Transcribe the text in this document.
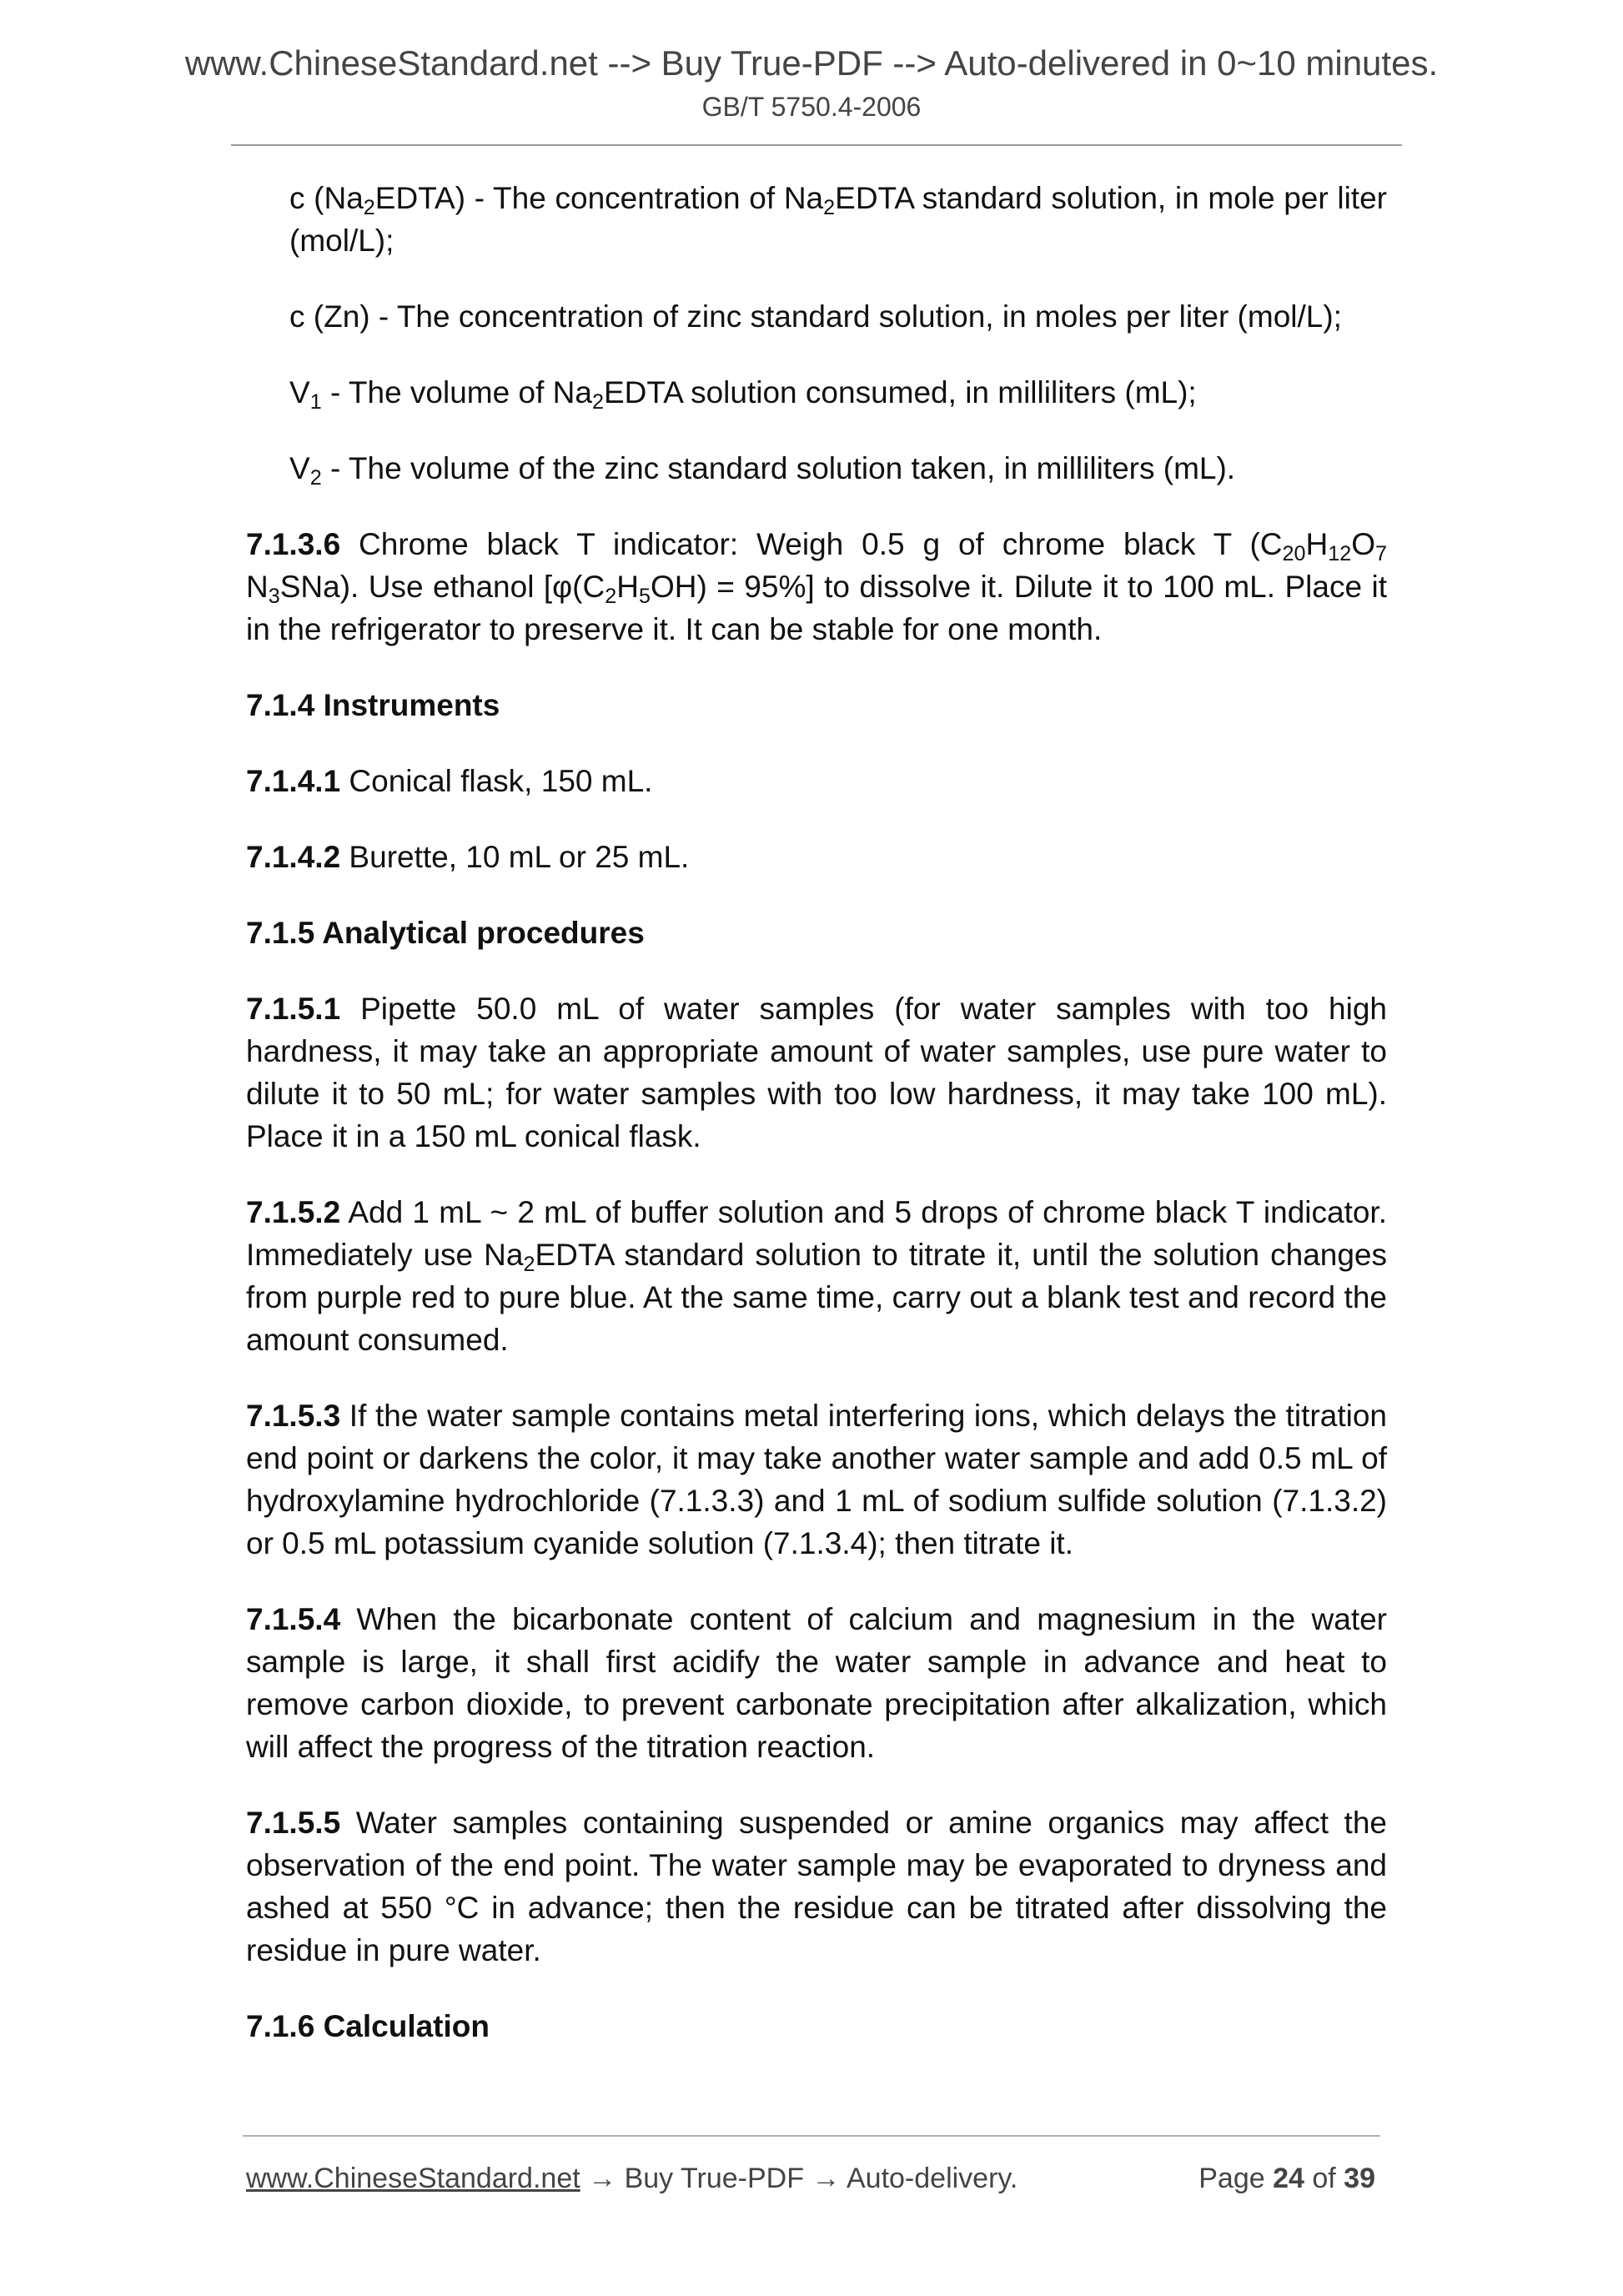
www.ChineseStandard.net --> Buy True-PDF --> Auto-delivered in 0~10 minutes.
GB/T 5750.4-2006

c $(Na_2EDTA)$ - The concentration of $Na_2EDTA$ standard solution, in mole per liter (mol/L);

c (Zn) - The concentration of zinc standard solution, in moles per liter (mol/L);

$V_1$ - The volume of $Na_2EDTA$ solution consumed, in milliliters (mL);

$V_2$ - The volume of the zinc standard solution taken, in milliliters (mL).

7.1.3.6 Chrome black T indicator: Weigh 0.5 g of chrome black T ($C_{20}H_{12}O_7$ $N_3SNa$). Use ethanol $[\varphi(C_2H_5OH) = 95\%]$ to dissolve it. Dilute it to 100 mL. Place it in the refrigerator to preserve it. It can be stable for one month.

7.1.4 Instruments

7.1.4.1 Conical flask, 150 mL.

7.1.4.2 Burette, 10 mL or 25 mL.

7.1.5 Analytical procedures

7.1.5.1 Pipette 50.0 mL of water samples (for water samples with too high hardness, it may take an appropriate amount of water samples, use pure water to dilute it to 50 mL; for water samples with too low hardness, it may take 100 mL). Place it in a 150 mL conical flask.

7.1.5.2 Add 1 mL ~ 2 mL of buffer solution and 5 drops of chrome black T indicator. Immediately use $Na_2EDTA$ standard solution to titrate it, until the solution changes from purple red to pure blue. At the same time, carry out a blank test and record the amount consumed.

7.1.5.3 If the water sample contains metal interfering ions, which delays the titration end point or darkens the color, it may take another water sample and add 0.5 mL of hydroxylamine hydrochloride (7.1.3.3) and 1 mL of sodium sulfide solution (7.1.3.2) or 0.5 mL potassium cyanide solution (7.1.3.4); then titrate it.

7.1.5.4 When the bicarbonate content of calcium and magnesium in the water sample is large, it shall first acidify the water sample in advance and heat to remove carbon dioxide, to prevent carbonate precipitation after alkalization, which will affect the progress of the titration reaction.

7.1.5.5 Water samples containing suspended or amine organics may affect the observation of the end point. The water sample may be evaporated to dryness and ashed at 550 °C in advance; then the residue can be titrated after dissolving the residue in pure water.

7.1.6 Calculation

www.ChineseStandard.net → Buy True-PDF → Auto-delivery.	Page 24 of 39
